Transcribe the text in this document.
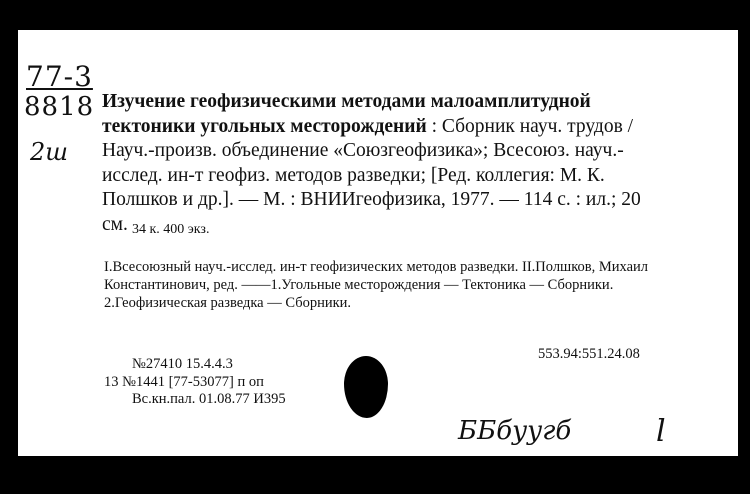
77-3
8818
2ш
Изучение геофизическими методами малоамплитудной тектоники угольных месторождений : Сборник науч. трудов / Науч.-произв. объединение «Союзгеофизика»; Всесоюз. науч.-исслед. ин-т геофиз. методов разведки; [Ред. коллегия: М. К. Полшков и др.]. — М. : ВНИИгеофизика, 1977. — 114 с. : ил.; 20 см. 34 к. 400 экз.
I.Всесоюзный науч.-исслед. ин-т геофизических методов разведки. II.Полшков, Михаил Константинович, ред. ——1.Угольные месторождения — Тектоника — Сборники. 2.Геофизическая разведка — Сборники.
553.94:551.24.08
№27410 15.4.4.3
13 №1441 [77-53077] п оп
Вс.кн.пал. 01.08.77 И395
ББбуугб	l
